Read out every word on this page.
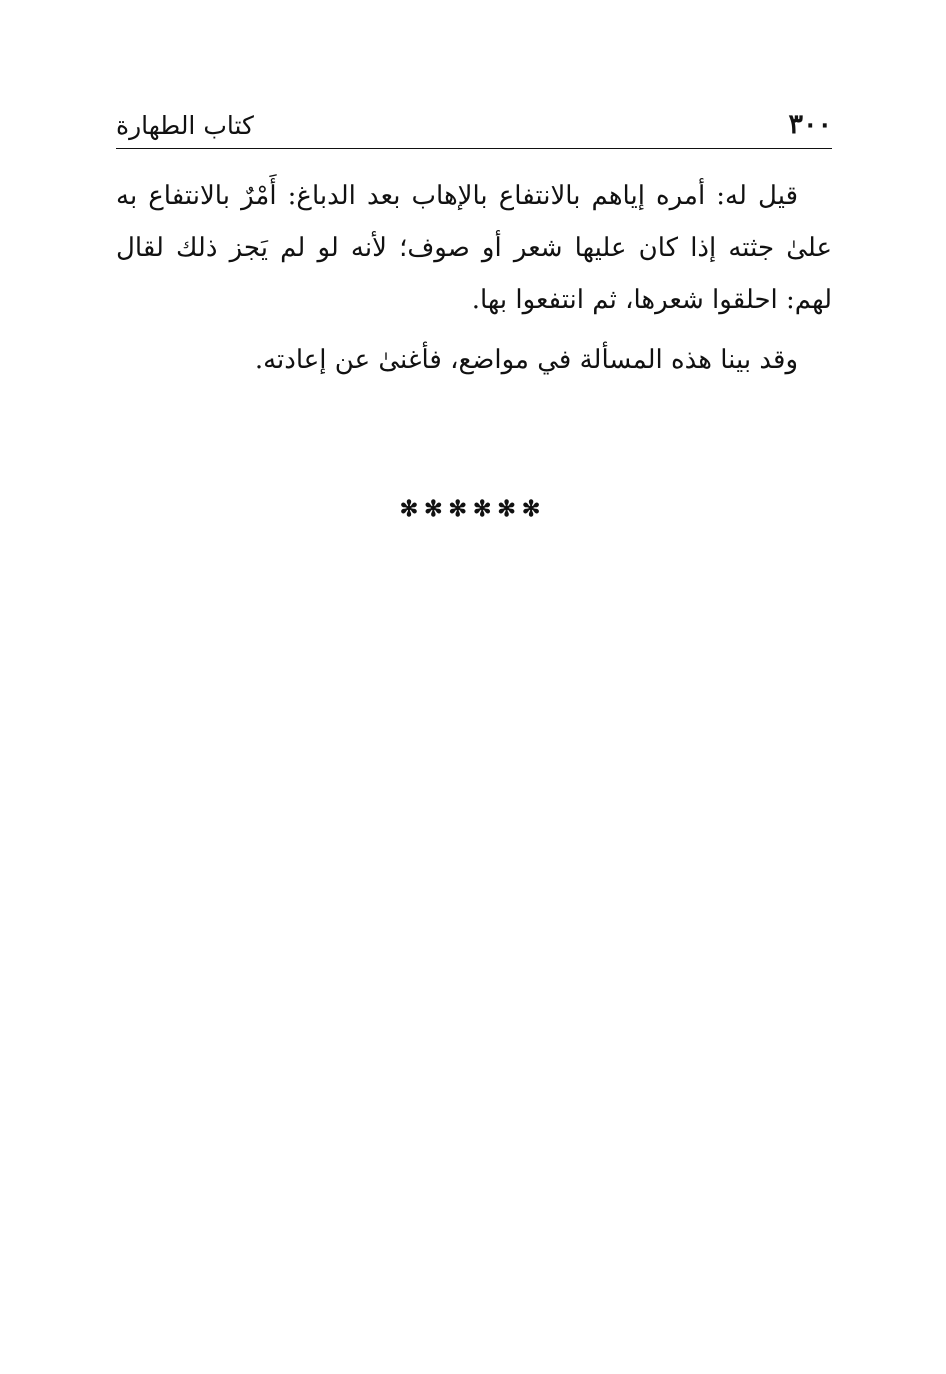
٣٠٠
كتاب الطهارة

قيل له: أمره إياهم بالانتفاع بالإهاب بعد الدباغ: أَمْرٌ بالانتفاع به علىٰ جثته إذا كان عليها شعر أو صوف؛ لأنه لو لم يَجز ذلك لقال لهم: احلقوا شعرها، ثم انتفعوا بها.

وقد بينا هذه المسألة في مواضع، فأغنىٰ عن إعادته.

✻✻✻✻✻✻
